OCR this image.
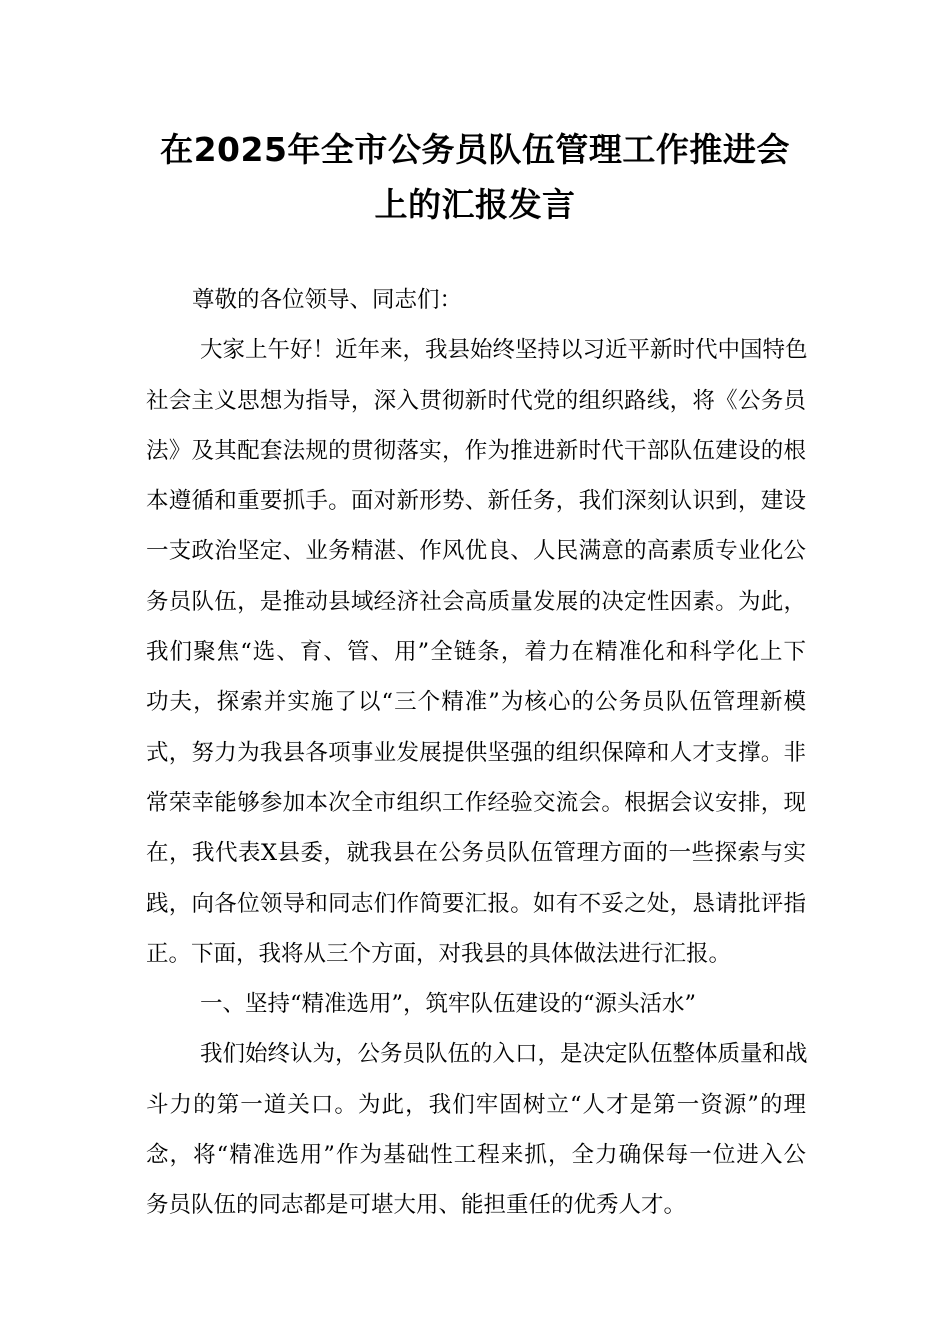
在2025年全市公务员队伍管理工作推进会
上的汇报发言
尊敬的各位领导、同志们：
大家上午好！近年来，我县始终坚持以习近平新时代中国特色
社会主义思想为指导，深入贯彻新时代党的组织路线，将《公务员
法》及其配套法规的贯彻落实，作为推进新时代干部队伍建设的根
本遵循和重要抓手。面对新形势、新任务，我们深刻认识到，建设
一支政治坚定、业务精湛、作风优良、人民满意的高素质专业化公
务员队伍，是推动县域经济社会高质量发展的决定性因素。为此，
我们聚焦“选、育、管、用”全链条，着力在精准化和科学化上下
功夫，探索并实施了以“三个精准”为核心的公务员队伍管理新模
式，努力为我县各项事业发展提供坚强的组织保障和人才支撑。非
常荣幸能够参加本次全市组织工作经验交流会。根据会议安排，现
在，我代表X县委，就我县在公务员队伍管理方面的一些探索与实
践，向各位领导和同志们作简要汇报。如有不妥之处，恳请批评指
正。下面，我将从三个方面，对我县的具体做法进行汇报。
一、坚持“精准选用”，筑牢队伍建设的“源头活水”
我们始终认为，公务员队伍的入口，是决定队伍整体质量和战
斗力的第一道关口。为此，我们牢固树立“人才是第一资源”的理
念，将“精准选用”作为基础性工程来抓，全力确保每一位进入公
务员队伍的同志都是可堪大用、能担重任的优秀人才。
